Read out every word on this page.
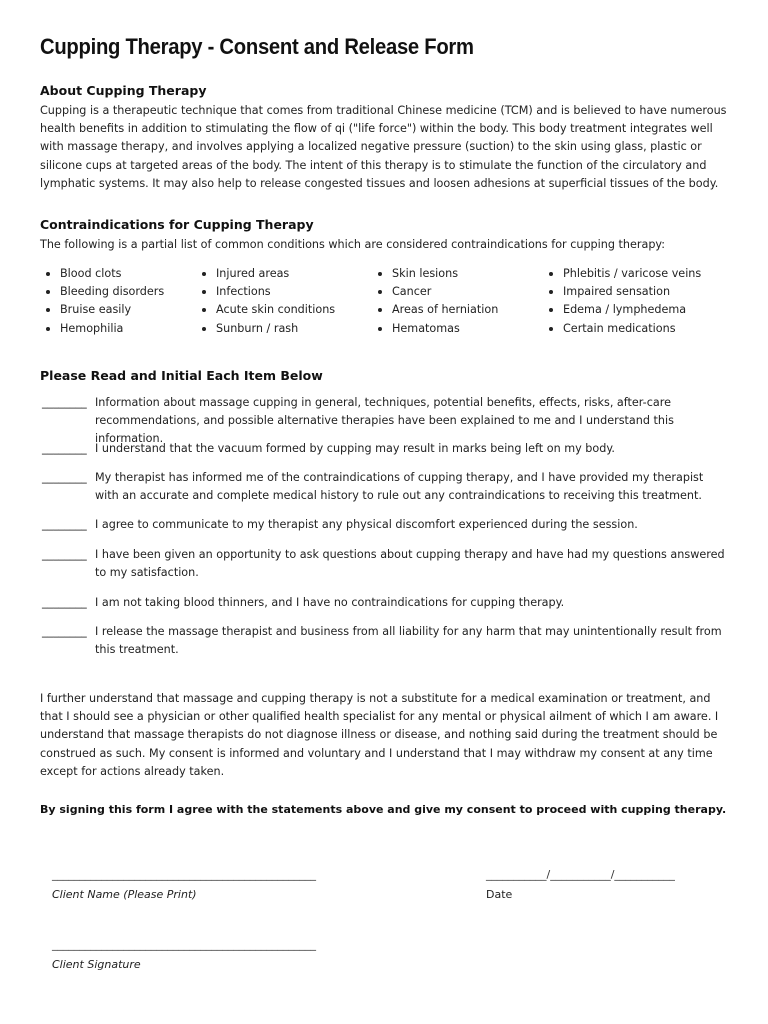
Cupping Therapy - Consent and Release Form
About Cupping Therapy
Cupping is a therapeutic technique that comes from traditional Chinese medicine (TCM) and is believed to have numerous health benefits in addition to stimulating the flow of qi ("life force") within the body. This body treatment integrates well with massage therapy, and involves applying a localized negative pressure (suction) to the skin using glass, plastic or silicone cups at targeted areas of the body. The intent of this therapy is to stimulate the function of the circulatory and lymphatic systems. It may also help to release congested tissues and loosen adhesions at superficial tissues of the body.
Contraindications for Cupping Therapy
The following is a partial list of common conditions which are considered contraindications for cupping therapy:
Blood clots
Bleeding disorders
Bruise easily
Hemophilia
Injured areas
Infections
Acute skin conditions
Sunburn / rash
Skin lesions
Cancer
Areas of herniation
Hematomas
Phlebitis / varicose veins
Impaired sensation
Edema / lymphedema
Certain medications
Please Read and Initial Each Item Below
________ Information about massage cupping in general, techniques, potential benefits, effects, risks, after-care recommendations, and possible alternative therapies have been explained to me and I understand this information.
________ I understand that the vacuum formed by cupping may result in marks being left on my body.
________ My therapist has informed me of the contraindications of cupping therapy, and I have provided my therapist with an accurate and complete medical history to rule out any contraindications to receiving this treatment.
________ I agree to communicate to my therapist any physical discomfort experienced during the session.
________ I have been given an opportunity to ask questions about cupping therapy and have had my questions answered to my satisfaction.
________ I am not taking blood thinners, and I have no contraindications for cupping therapy.
________ I release the massage therapist and business from all liability for any harm that may unintentionally result from this treatment.
I further understand that massage and cupping therapy is not a substitute for a medical examination or treatment, and that I should see a physician or other qualified health specialist for any mental or physical ailment of which I am aware. I understand that massage therapists do not diagnose illness or disease, and nothing said during the treatment should be construed as such. My consent is informed and voluntary and I understand that I may withdraw my consent at any time except for actions already taken.
By signing this form I agree with the statements above and give my consent to proceed with cupping therapy.
________________________________________________
Client Name (Please Print)
___________/___________/___________
Date
________________________________________________
Client Signature
